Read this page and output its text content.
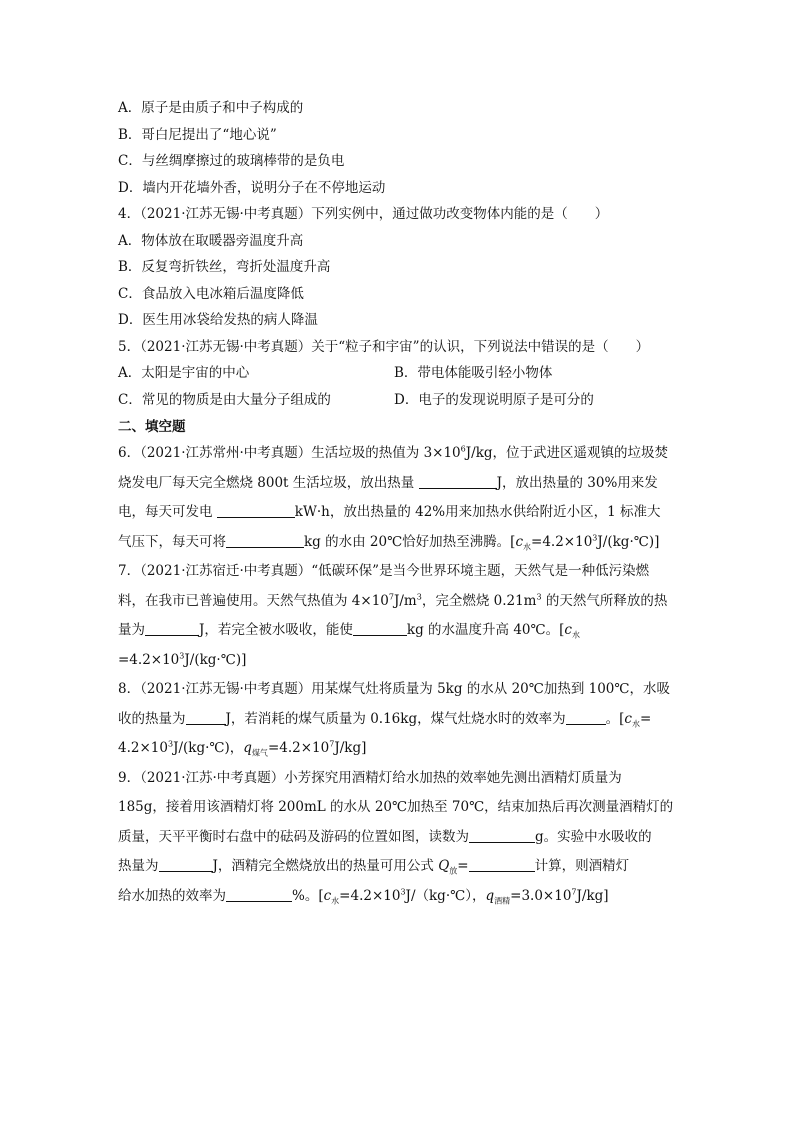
A．原子是由质子和中子构成的
B．哥白尼提出了“地心说”
C．与丝绸摩擦过的玻璃棒带的是负电
D．墙内开花墙外香，说明分子在不停地运动
4．（2021·江苏无锡·中考真题）下列实例中，通过做功改变物体内能的是（　　）
A．物体放在取暖器旁温度升高
B．反复弯折铁丝，弯折处温度升高
C．食品放入电冰箱后温度降低
D．医生用冰袋给发热的病人降温
5．（2021·江苏无锡·中考真题）关于“粒子和宇宙”的认识，下列说法中错误的是（　　）
A．太阳是宇宙的中心	B．带电体能吸引轻小物体
C．常见的物质是由大量分子组成的	D．电子的发现说明原子是可分的
二、填空题
6．（2021·江苏常州·中考真题）生活垃圾的热值为 $3\times 10^6J/kg$，位于武进区遥观镇的垃圾焚
烧发电厂每天完全燃烧 800t 生活垃圾，放出热量	J，放出热量的 30%用来发
电，每天可发电	kW·h，放出热量的 42%用来加热水供给附近小区，1 标准大
气压下，每天可将	kg 的水由 20℃恰好加热至沸腾。$[c_水=4.2\times 10^3J/(kg\cdot℃)]$
7．（2021·江苏宿迁·中考真题）“低碳环保”是当今世界环境主题，天然气是一种低污染燃
料，在我市已普遍使用。天然气热值为 $4\times 10^7J/m^3$，完全燃烧 $0.21m^3$ 的天然气所释放的热
量为	J，若完全被水吸收，能使	kg 的水温度升高 40℃。[$c_水$
$=4.2\times 10^3J/(kg\cdot℃)$]
8．（2021·江苏无锡·中考真题）用某煤气灶将质量为 5kg 的水从 20℃加热到 100℃，水吸
收的热量为	J，若消耗的煤气质量为 0.16kg，煤气灶烧水时的效率为	。[$c_水=$
$4.2\times 10^3J/(kg\cdot℃)$，$q_{煤气}=4.2\times 10^7J/kg$]
9．（2021·江苏·中考真题）小芳探究用酒精灯给水加热的效率她先测出酒精灯质量为
185g，接着用该酒精灯将 200mL 的水从 20℃加热至 70℃，结束加热后再次测量酒精灯的
质量，天平平衡时右盘中的砝码及游码的位置如图，读数为	g。实验中水吸收的
热量为	J，酒精完全燃烧放出的热量可用公式 $Q_放=$	计算，则酒精灯
给水加热的效率为	%。[$c_水=4.2\times 10^3J/(kg\cdot℃)$，$q_{酒精}=3.0\times 10^7J/kg$]
